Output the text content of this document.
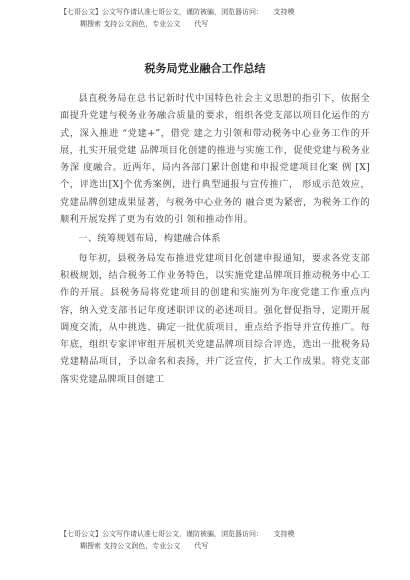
【七哥公文】公文写作请认准七哥公文，谨防被骗，浏览器访问：　　支持模
糊搜索 支持公文润色，专业公文　　代写
税务局党业融合工作总结

县直税务局在总书记新时代中国特色社会主义思想的指引下，依据全面提升党建与税务业务融合质量的要求，组织各党支部以项目化运作的方式，深入推进 “党建+”，借党 建之力引领和带动税务中心业务工作的开展，扎实开展党建 品牌项目化创建的推进与实施工作，促使党建与税务业务深 度融合。近两年，局内各部门累计创建和申报党建项目化案 例 [X]个，评选出[X]个优秀案例，进行典型通报与宣传推广， 形成示范效应，党建品牌创建成果显著，与税务中心业务的 融合更为紧密，为税务工作的顺利开展发挥了更为有效的引 领和推动作用。

一、统筹规划布局，构建融合体系

每年初，县税务局发布推进党建项目化创建申报通知，要求各党支部积极规划，结合税务工作业务特色，以实施党建品牌项目推动税务中心工作的开展。县税务局将党建项目的创建和实施列为年度党建工作重点内容，纳入党支部书记年度述职评议的必述项目。强化督促指导，定期开展调度交流，从中挑选、确定一批优质项目，重点给予指导并宣传推广。每年底，组织专家评审组开展机关党建品牌项目综合评选，选出一批税务局党建精品项目，予以命名和表扬，并广泛宣传，扩大工作成果。将党支部落实党建品牌项目创建工

【七哥公文】公文写作请认准七哥公文，谨防被骗，浏览器访问：　　支持模
糊搜索 支持公文润色，专业公文　　代写
